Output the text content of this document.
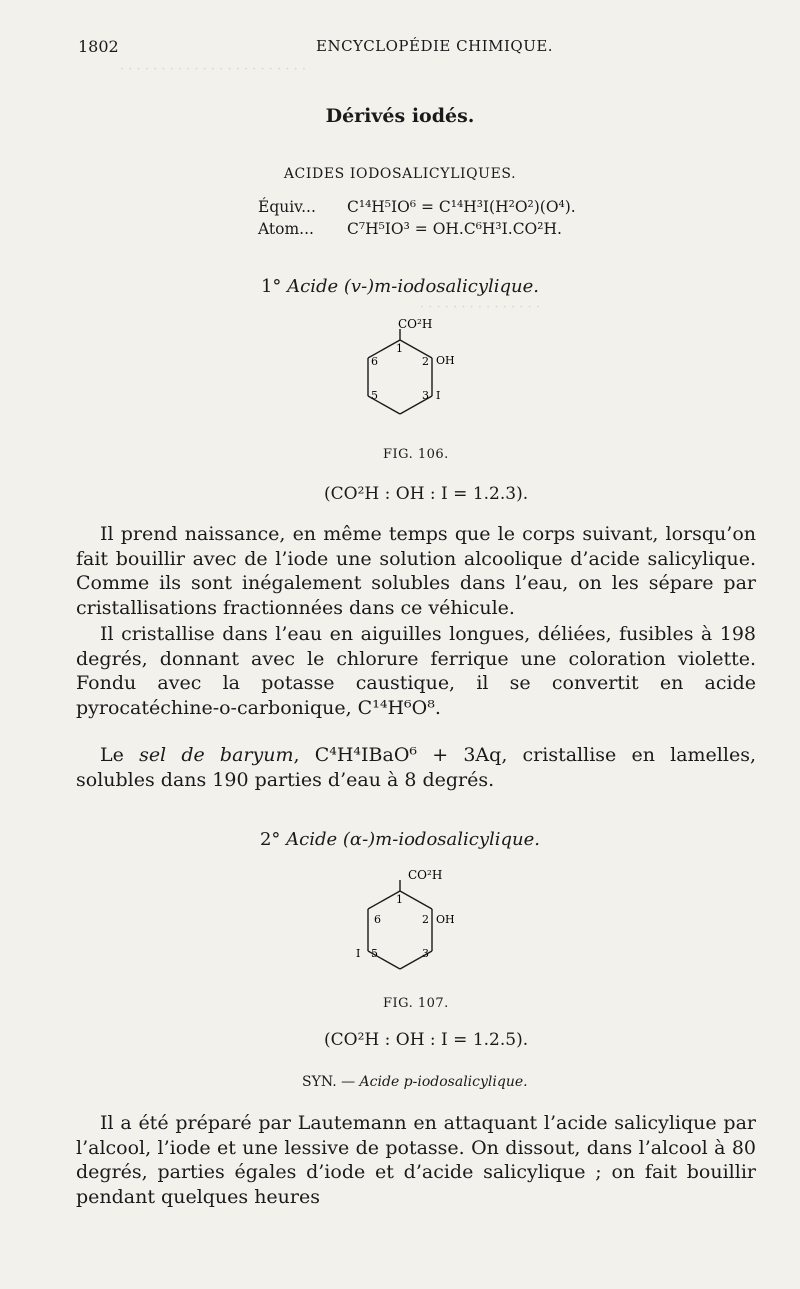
· · · · · · · · · · · · · · · · · · · · · · ·
· · · · · · · · · · · · · · ·
1802	ENCYCLOPÉDIE CHIMIQUE.
Dérivés iodés.
ACIDES IODOSALICYLIQUES.
Équiv... C¹⁴H⁵IO⁶ = C¹⁴H³I(H²O²)(O⁴).
Atom... C⁷H⁵IO³ = OH.C⁶H³I.CO²H.
1° Acide (v-)m-iodosalicylique.
CO²H
1
2 OH
3 I
5
6
FIG. 106.
(CO²H : OH : I = 1.2.3).
Il prend naissance, en même temps que le corps suivant, lorsqu’on fait bouillir avec de l’iode une solution alcoolique d’acide salicylique. Comme ils sont inégalement solubles dans l’eau, on les sépare par cristallisations fractionnées dans ce véhicule.
Il cristallise dans l’eau en aiguilles longues, déliées, fusibles à 198 degrés, donnant avec le chlorure ferrique une coloration violette. Fondu avec la potasse caustique, il se convertit en acide pyrocatéchine-o-carbonique, C¹⁴H⁶O⁸.
Le sel de baryum, C⁴H⁴IBaO⁶ + 3Aq, cristallise en lamelles, solubles dans 190 parties d’eau à 8 degrés.
2° Acide (α-)m-iodosalicylique.
CO²H
1
2 OH
3
5
I
6
FIG. 107.
(CO²H : OH : I = 1.2.5).
SYN. — Acide p-iodosalicylique.
Il a été préparé par Lautemann en attaquant l’acide salicylique par l’alcool, l’iode et une lessive de potasse. On dissout, dans l’alcool à 80 degrés, parties égales d’iode et d’acide salicylique ; on fait bouillir pendant quelques heures
